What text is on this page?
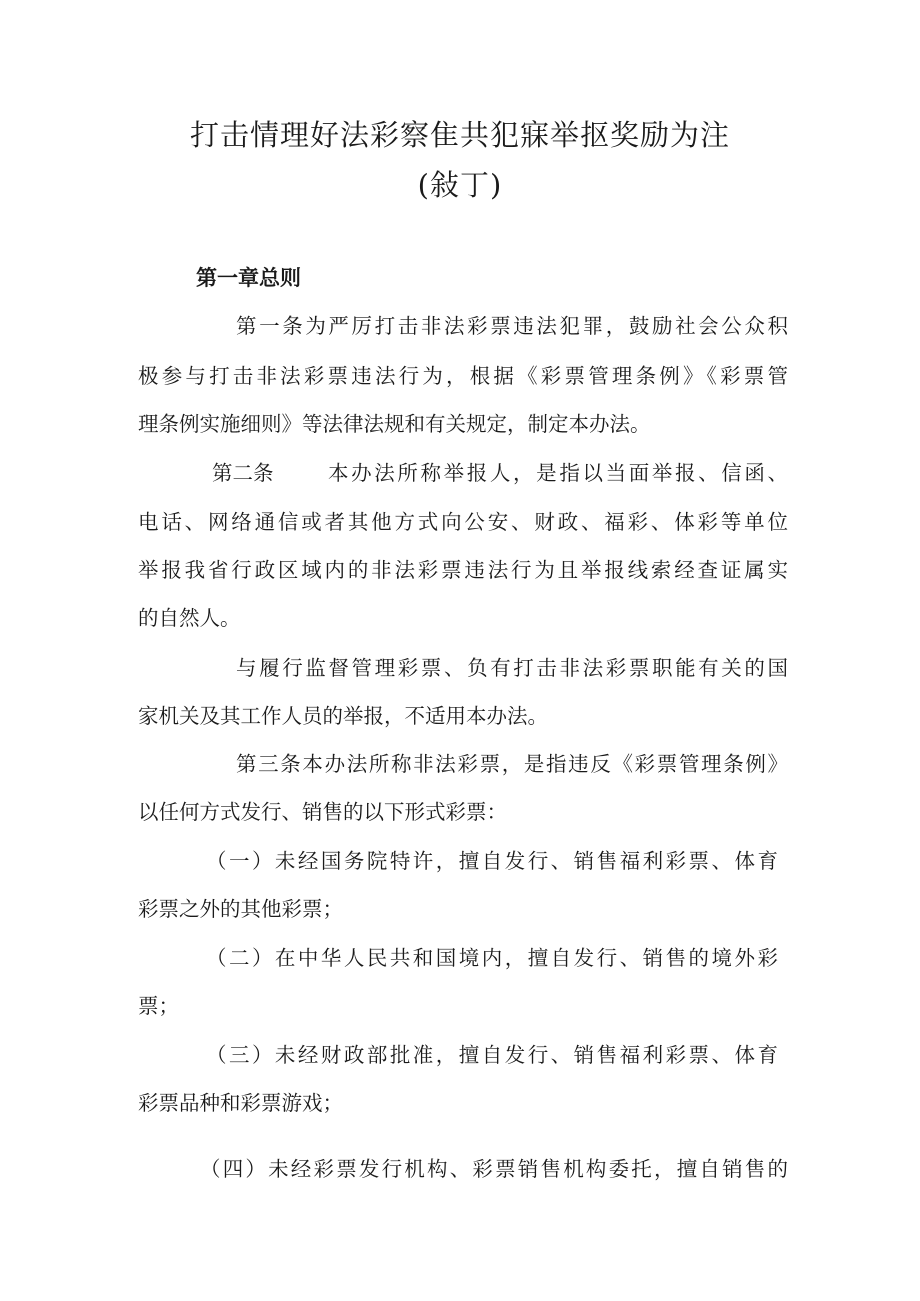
打击情理好法彩察隹共犯寐举抠奖励为注
(敍丁)
第一章总则
第一条为严厉打击非法彩票违法犯罪，鼓励社会公众积
极参与打击非法彩票违法行为，根据《彩票管理条例》《彩票管
理条例实施细则》等法律法规和有关规定，制定本办法。
第二条	本办法所称举报人，是指以当面举报、信函、
电话、网络通信或者其他方式向公安、财政、福彩、体彩等单位
举报我省行政区域内的非法彩票违法行为且举报线索经查证属实
的自然人。
与履行监督管理彩票、负有打击非法彩票职能有关的国
家机关及其工作人员的举报，不适用本办法。
第三条本办法所称非法彩票，是指违反《彩票管理条例》
以任何方式发行、销售的以下形式彩票：
（一）未经国务院特许，擅自发行、销售福利彩票、体育
彩票之外的其他彩票；
（二）在中华人民共和国境内，擅自发行、销售的境外彩
票；
（三）未经财政部批准，擅自发行、销售福利彩票、体育
彩票品种和彩票游戏；
（四）未经彩票发行机构、彩票销售机构委托，擅自销售的
